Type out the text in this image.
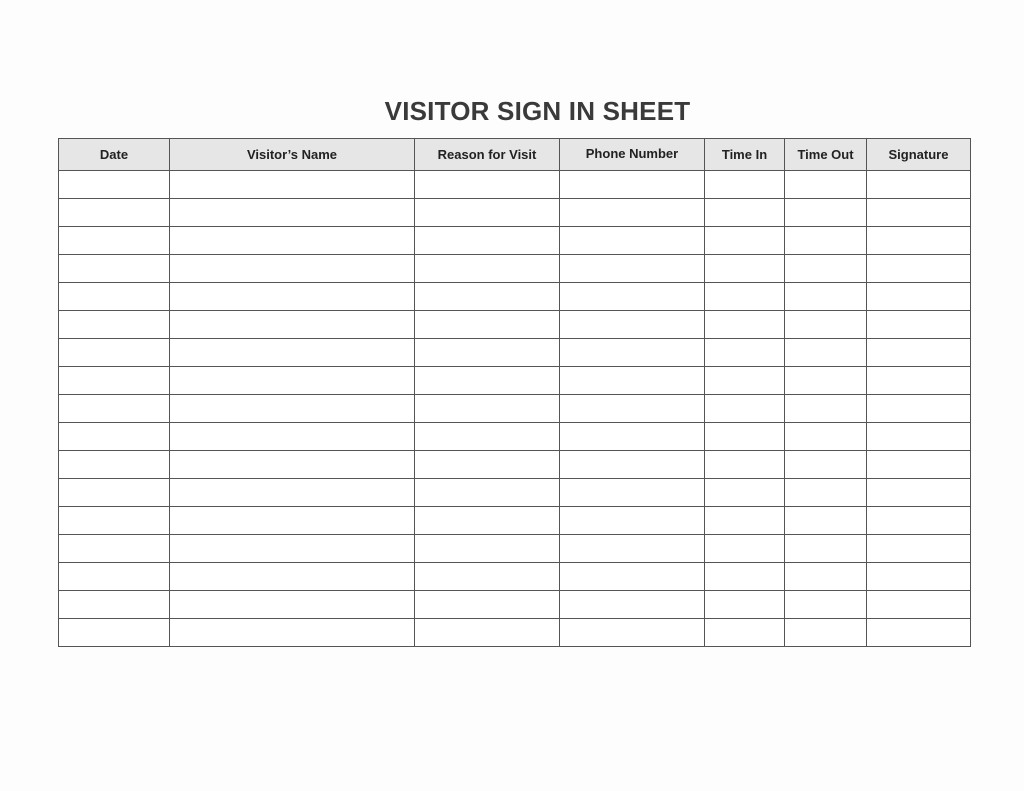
VISITOR SIGN IN SHEET
Date	Visitor’s Name	Reason for Visit	Phone Number	Time In	Time Out	Signature
